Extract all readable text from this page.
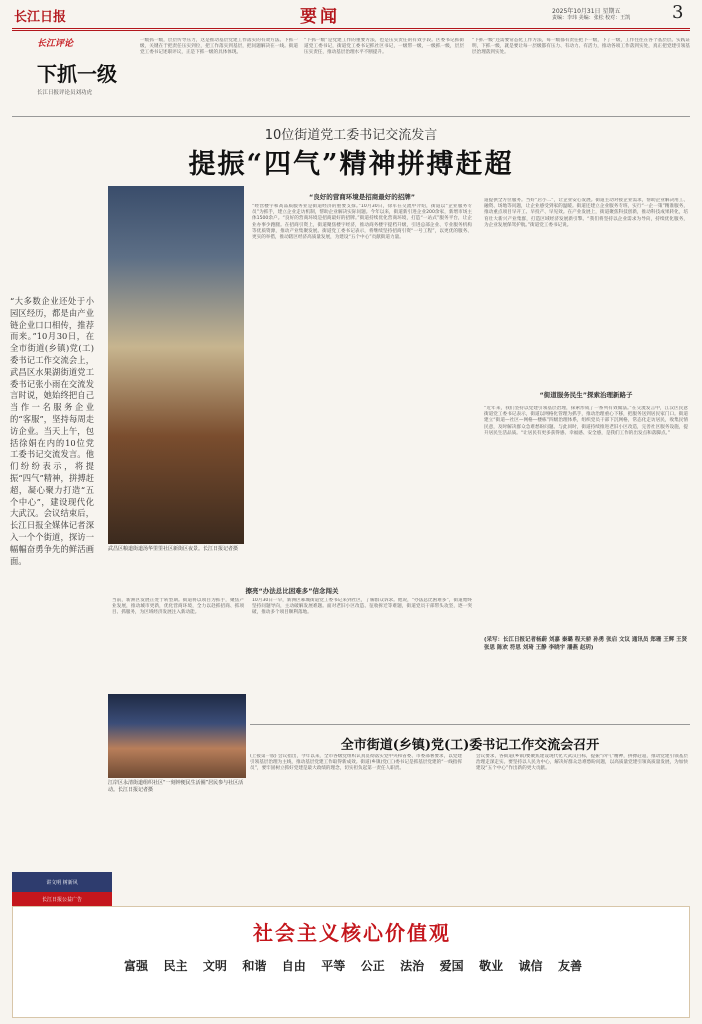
长江日报	要闻	2025年10月31日 星期五
责编：李玮 美编：张松 校对：王凯 3
长江评论
下抓一级
长江日报评论员刘功虎
一级抓一级，层层传导压力，这是推动基层党建工作落实的有效方法。下抓一级，关键在于把责任压实到位，把工作落实到基层，把问题解决在一线。街道党工委书记述职评议，正是下抓一级的具体体现。
“下抓一级”是党建工作的重要方法，也是压实责任的有效手段。区委书记抓街道党工委书记，街道党工委书记抓社区书记，一级带一级，一级抓一级，层层压实责任，推动基层治理水平不断提升。
“下抓一级”还需要常态化工作方法，每一级都有责任把下一级，下了一级，工作往往在各个基层层。实践证明，下抓一级，就是要让每一层级都有压力、有动力、有活力，推动各项工作落到实处，真正把党建引领基层治理落到实处。
10位街道党工委书记交流发言
提振“四气”精神拼搏赶超
“大多数企业还处于小园区经历，都是由产业链企业口口相传，推荐而来。”10月30日，在全市街道(乡镇)党(工)委书记工作交流会上，武昌区水果湖街道党工委书记张小雨在交流发言时说，她始终把自己当作一名服务企业的“客服”，坚持每周走访企业。当天上午，包括徐娟在内的10位党工委书记交流发言。他们纷纷表示，将提振“四气”精神，拼搏赶超，凝心聚力打造“五个中心”，建设现代化大武汉。会议结束后，长江日报全媒体记者深入一个个街道，探访一幅幅奋勇争先的鲜活画面。
武昌区粮道街道汤华里里社区新街区夜景。长江日报记者摄
“良好的营商环境是招商最好的招牌”
“经营楼宇和高品质服务业是街道经济的重要支撑。”10月30日，徐军在交流中介绍，街道以“企业服务专员”为抓手，建立企业走访机制，帮助企业解决实际问题。今年以来，街道新引进企业200余家，新增市场主体1500余户。“良好的营商环境是招商最好的招牌。”街道持续优化营商环境，打造“一站式”服务平台，让企业办事少跑腿。在招商引资上，街道聚焦楼宇经济，推动商务楼宇提档升级，引进总部企业、专业服务机构等优质资源，推动产业集聚发展。街道党工委书记表示，将继续坚持招商引资“一号工程”，以更优的服务、更实的举措，推动辖区经济高质量发展，为建设“五个中心”贡献街道力量。
擦亮“办法总比困难多”信念闯关
当前，新洲区发展正处于转型期。街道将以项目为抓手，聚焦产业发展，推动城市更新，优化营商环境，全力以赴抓招商、抓项目、抓服务，为区域经济发展注入新动能。
10月30日一早，新洲区邾城街道党工委书记来到社区，了解群众诉求。他说，“办法总比困难多”，街道始终坚持问题导向，主动破解发展难题。面对老旧小区改造、征收拆迁等难题，街道党员干部带头攻坚，逐一突破，推动多个项目顺利落地。
道提供全方位服务。当好“店小二”，让企业安心发展。街道主动对接企业需求，帮助企业解决用工、融资、场地等问题，让企业感受到家的温暖。街道还建立企业服务专班，实行“一企一策”精准服务，推动重点项目早开工、早投产、早见效。在产业发展上，街道聚焦科技创新，推动科技成果转化，培育壮大新兴产业集群，打造区域经济发展新引擎。“我们将坚持以企业需求为导向，持续优化服务，为企业发展保驾护航。”街道党工委书记说。
“街道服务民生”探索治理新路子
“近年来，我们坚持以党建引领基层治理，探索形成了一系列有效做法。”在交流发言中，江汉区民意街道党工委书记表示，街道以网格化管理为抓手，推动治理重心下移，把服务送到居民家门口。街道建立“街道—社区—网格—楼栋”四级治理体系，组织党员干部下沉网格，常态化走访居民，收集民情民意，及时解决群众急难愁盼问题。与此同时，街道持续推进老旧小区改造，完善社区服务设施，提升居民生活品质。“让居民有更多获得感、幸福感、安全感，是我们工作的出发点和落脚点。”
(采写：长江日报记者杨蔚 刘嘉 秦璐 程天骄 孙勇 张启 文议 通讯员 郑珊 王辉 王贤 张思 陈欢 符思 刘琦 王静 李晓宇 潘燕 赵玥)
江岸区永清街道组织社区“一刻钟便民生活圈”居民参与社区活动。长江日报记者摄
全市街道(乡镇)党(工)委书记工作交流会召开
(上接第一版) 会议指出，今年以来，全市各级党组织认真贯彻落实党中央和省委、市委部署要求，以党建引领基层治理为主线，推动基层党建工作取得新成效。街道(乡镇)党(工)委书记是抓基层党建的“一线指挥员”，要牢固树立抓好党建是最大政绩的理念，切实担负起第一责任人职责。
会议要求，各街道(乡镇)要聚焦建设现代化大武汉目标，提振“四气”精神，拼搏赶超，推动党建引领基层治理走深走实。要坚持以人民为中心，解决好群众急难愁盼问题，以高质量党建引领高质量发展，为加快建设“五个中心”作出新的更大贡献。
讲文明 树新风
长江日报公益广告
社会主义核心价值观
富强 民主 文明 和谐 自由 平等 公正 法治 爱国 敬业 诚信 友善
